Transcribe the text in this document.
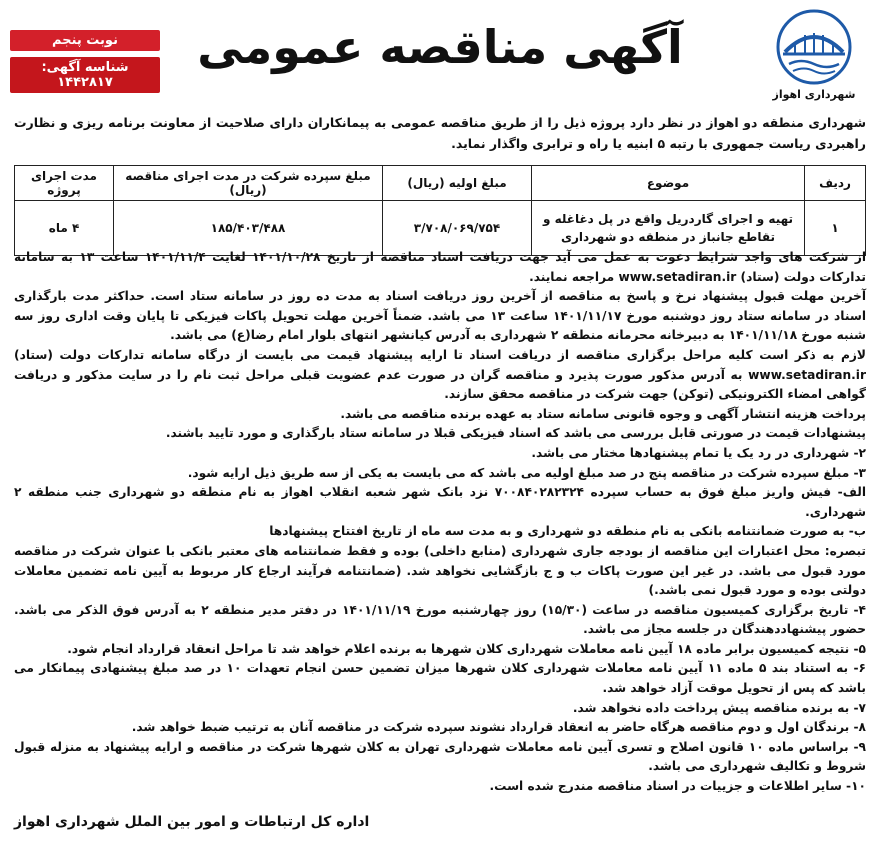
شهرداری اهواز
آگهی مناقصه عمومی
نوبت پنجم
شناسه آگهی: ۱۴۴۲۸۱۷
شهرداری منطقه دو اهواز در نظر دارد پروژه ذیل را از طریق مناقصه عمومی به پیمانکاران دارای صلاحیت از معاونت برنامه ریزی و نظارت راهبردی ریاست جمهوری با رتبه ۵ ابنیه یا راه و ترابری واگذار نماید.
ردیف	موضوع	مبلغ اولیه (ریال)	مبلغ سپرده شرکت در مدت اجرای مناقصه (ریال)	مدت اجرای پروژه
۱	تهیه و اجرای گاردریل واقع در پل دغاغله و تقاطع جانباز در منطقه دو شهرداری	۳/۷۰۸/۰۶۹/۷۵۴	۱۸۵/۴۰۳/۴۸۸	۴ ماه

از شرکت های واجد شرایط دعوت به عمل می آید جهت دریافت اسناد مناقصه از تاریخ ۱۴۰۱/۱۰/۲۸ لغایت ۱۴۰۱/۱۱/۴ ساعت ۱۳ به سامانه تدارکات دولت (ستاد) www.setadiran.ir مراجعه نمایند.

آخرین مهلت قبول پیشنهاد نرخ و پاسخ به مناقصه از آخرین روز دریافت اسناد به مدت ده روز در سامانه ستاد است. حداکثر مدت بارگذاری اسناد در سامانه ستاد روز دوشنبه مورخ ۱۴۰۱/۱۱/۱۷ ساعت ۱۳ می باشد. ضمناً آخرین مهلت تحویل پاکات فیزیکی تا پایان وقت اداری روز سه شنبه مورخ ۱۴۰۱/۱۱/۱۸ به دبیرخانه محرمانه منطقه ۲ شهرداری به آدرس کیانشهر انتهای بلوار امام رضا(ع) می باشد.

لازم به ذکر است کلیه مراحل برگزاری مناقصه از دریافت اسناد تا ارایه پیشنهاد قیمت می بایست از درگاه سامانه تدارکات دولت (ستاد) www.setadiran.ir به آدرس مذکور صورت پذیرد و مناقصه گران در صورت عدم عضویت قبلی مراحل ثبت نام را در سایت مذکور و دریافت گواهی امضاء الکترونیکی (توکن) جهت شرکت در مناقصه محقق سازند.

پرداخت هزینه انتشار آگهی و وجوه قانونی سامانه ستاد به عهده برنده مناقصه می باشد.

پیشنهادات قیمت در صورتی قابل بررسی می باشد که اسناد فیزیکی قبلا در سامانه ستاد بارگذاری و مورد تایید باشند.

۲- شهرداری در رد یک یا تمام پیشنهادها مختار می باشد.

۳- مبلغ سپرده شرکت در مناقصه پنج در صد مبلغ اولیه می باشد که می بایست به یکی از سه طریق ذیل ارایه شود.

الف- فیش واریز مبلغ فوق به حساب سپرده ۷۰۰۸۴۰۲۸۲۳۲۴ نزد بانک شهر شعبه انقلاب اهواز به نام منطقه دو شهرداری جنب منطقه ۲ شهرداری.

ب- به صورت ضمانتنامه بانکی به نام منطقه دو شهرداری و به مدت سه ماه از تاریخ افتتاح پیشنهادها

تبصره: محل اعتبارات این مناقصه از بودجه جاری شهرداری (منابع داخلی) بوده و فقط ضمانتنامه های معتبر بانکی با عنوان شرکت در مناقصه مورد قبول می باشد. در غیر این صورت پاکات ب و ج بازگشایی نخواهد شد. (ضمانتنامه فرآیند ارجاع کار مربوط به آیین نامه تضمین معاملات دولتی بوده و مورد قبول نمی باشد.)

۴- تاریخ برگزاری کمیسیون مناقصه در ساعت (۱۵/۳۰) روز چهارشنبه مورخ ۱۴۰۱/۱۱/۱۹ در دفتر مدیر منطقه ۲ به آدرس فوق الذکر می باشد. حضور پیشنهاددهندگان در جلسه مجاز می باشد.

۵- نتیجه کمیسیون برابر ماده ۱۸ آیین نامه معاملات شهرداری کلان شهرها به برنده اعلام خواهد شد تا مراحل انعقاد قرارداد انجام شود.

۶- به استناد بند ۵ ماده ۱۱ آیین نامه معاملات شهرداری کلان شهرها میزان تضمین حسن انجام تعهدات ۱۰ در صد مبلغ پیشنهادی پیمانکار می باشد که پس از تحویل موقت آزاد خواهد شد.

۷- به برنده مناقصه پیش پرداخت داده نخواهد شد.

۸- برندگان اول و دوم مناقصه هرگاه حاضر به انعقاد قرارداد نشوند سپرده شرکت در مناقصه آنان به ترتیب ضبط خواهد شد.

۹- براساس ماده ۱۰ قانون اصلاح و تسری آیین نامه معاملات شهرداری تهران به کلان شهرها شرکت در مناقصه و ارایه پیشنهاد به منزله قبول شروط و تکالیف شهرداری می باشد.

۱۰- سایر اطلاعات و جزییات در اسناد مناقصه مندرج شده است.

اداره کل ارتباطات و امور بین الملل شهرداری اهواز
